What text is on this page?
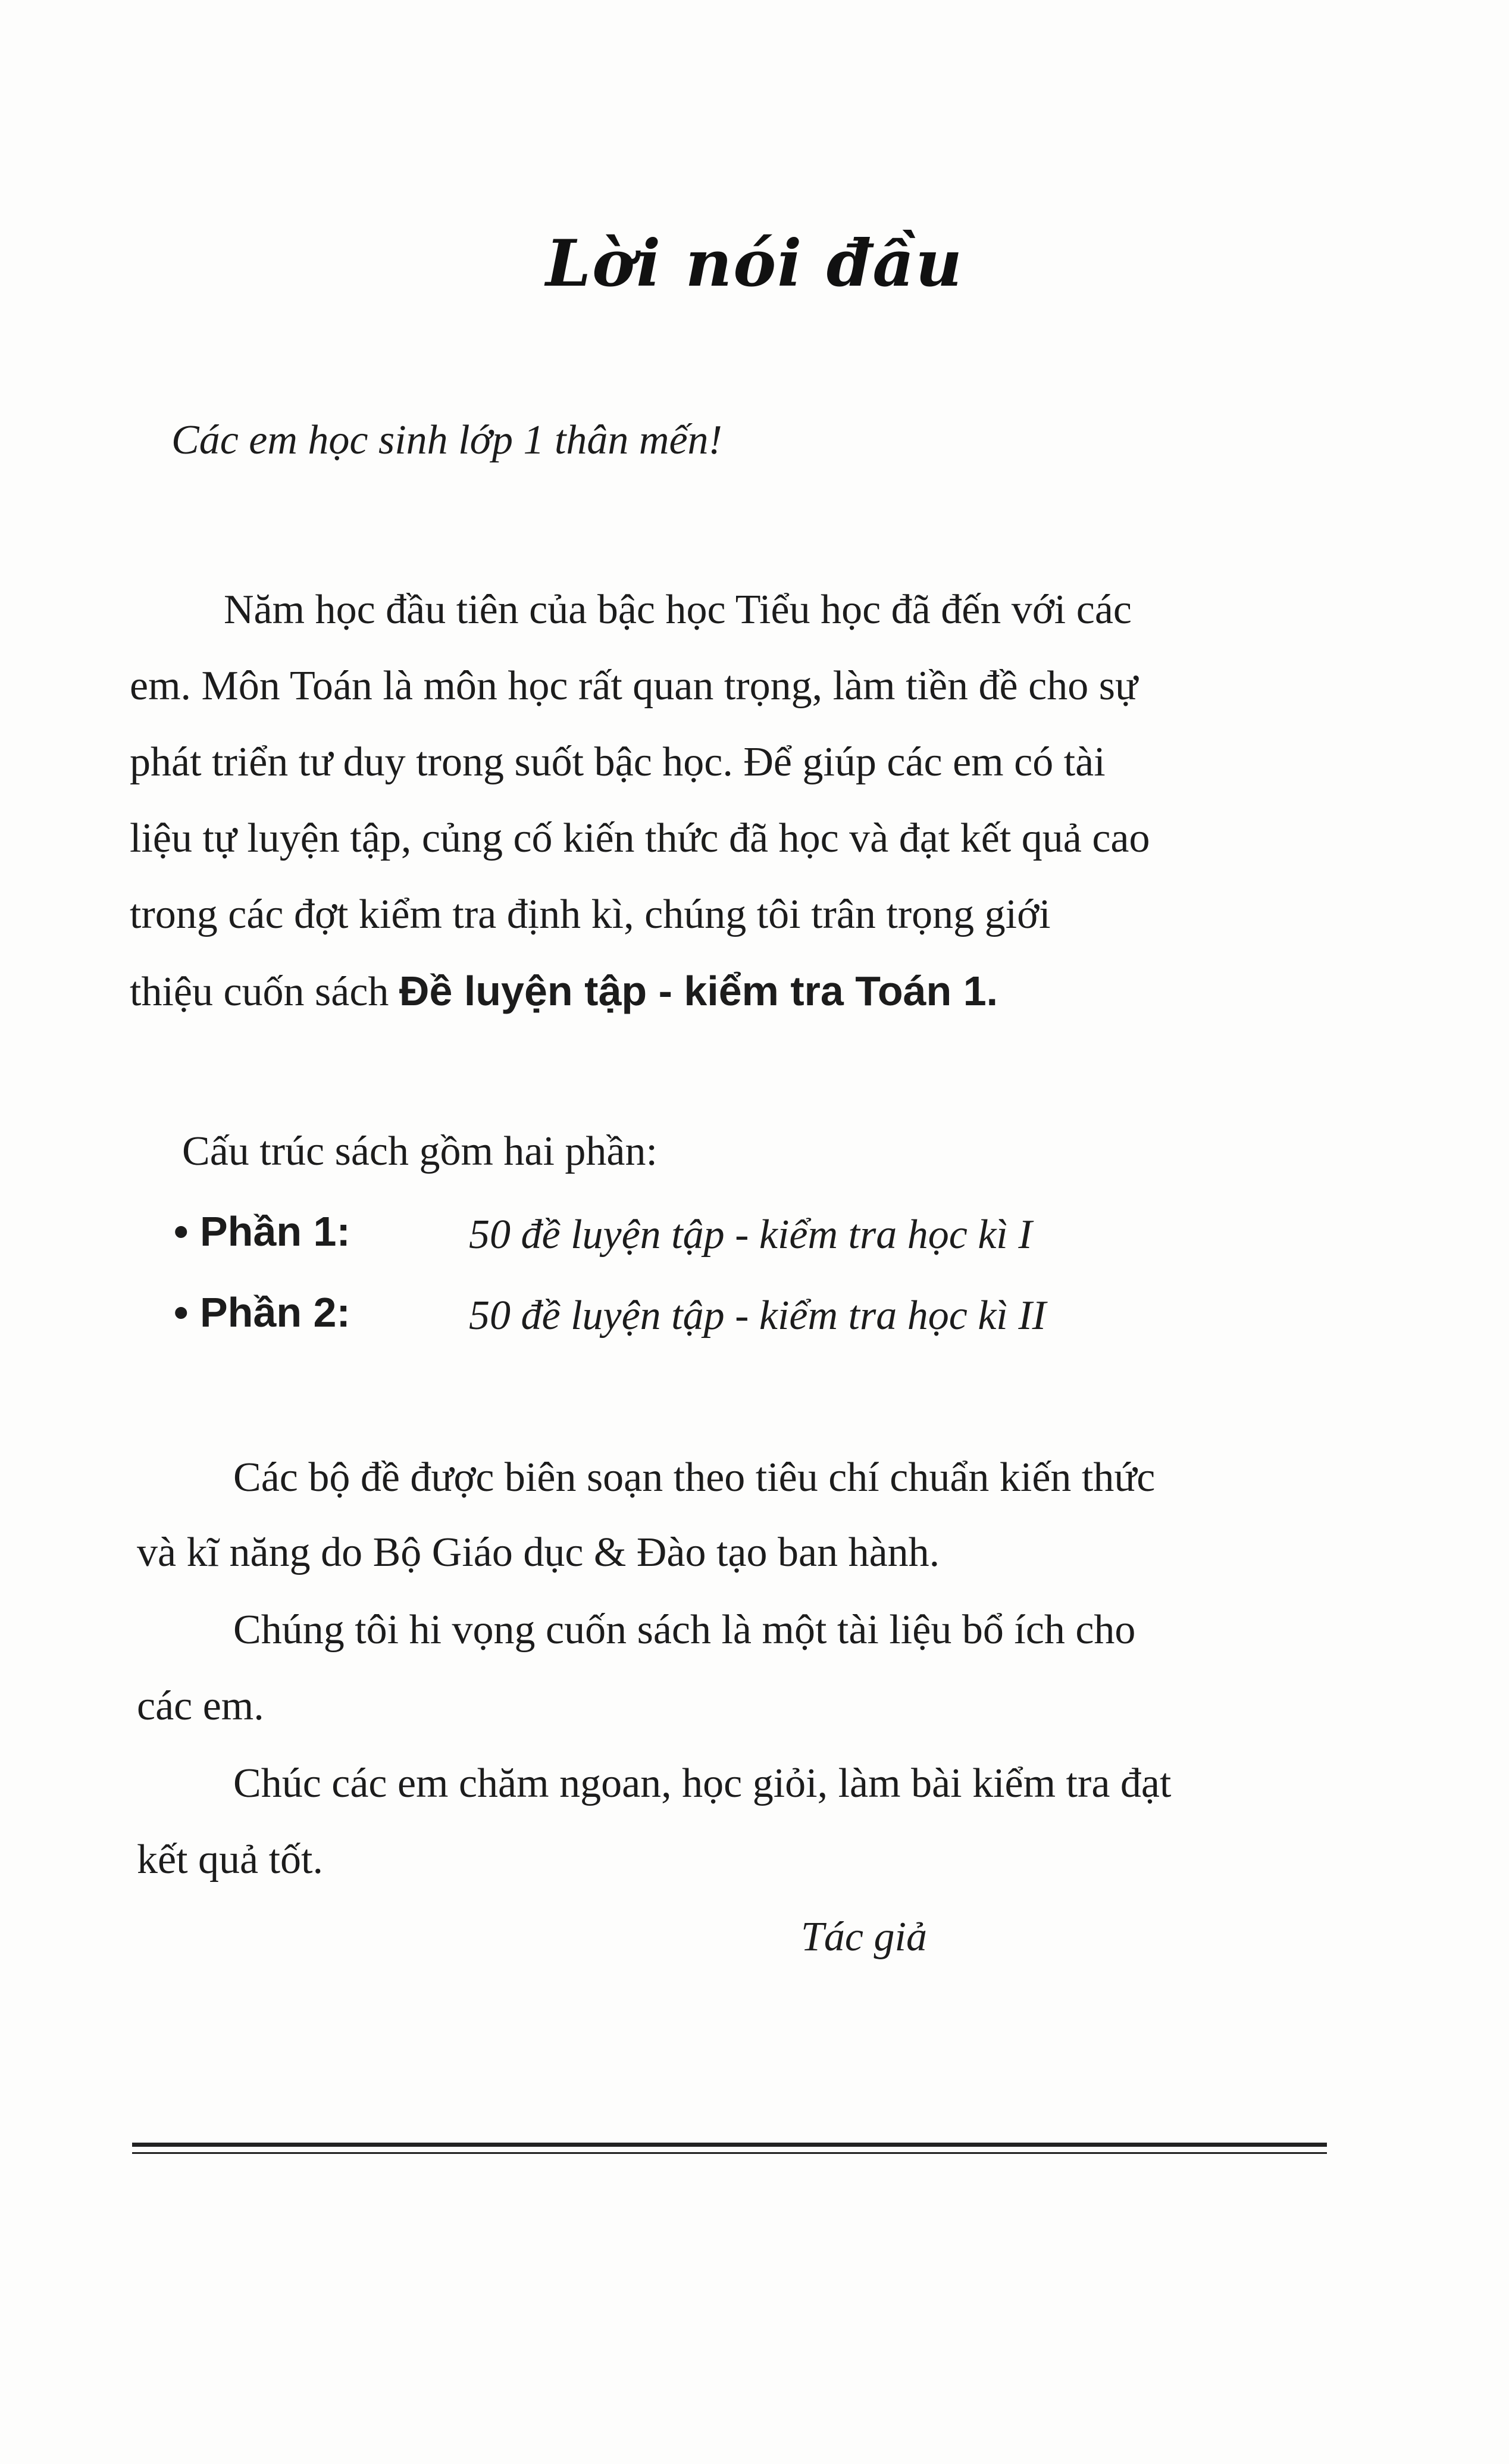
Lời nói đầu
Các em học sinh lớp 1 thân mến!
Năm học đầu tiên của bậc học Tiểu học đã đến với các
em. Môn Toán là môn học rất quan trọng, làm tiền đề cho sự
phát triển tư duy trong suốt bậc học. Để giúp các em có tài
liệu tự luyện tập, củng cố kiến thức đã học và đạt kết quả cao
trong các đợt kiểm tra định kì, chúng tôi trân trọng giới
thiệu cuốn sách Đề luyện tập - kiểm tra Toán 1.
Cấu trúc sách gồm hai phần:
• Phần 1:	50 đề luyện tập - kiểm tra học kì I
• Phần 2:	50 đề luyện tập - kiểm tra học kì II
Các bộ đề được biên soạn theo tiêu chí chuẩn kiến thức
và kĩ năng do Bộ Giáo dục & Đào tạo ban hành.
Chúng tôi hi vọng cuốn sách là một tài liệu bổ ích cho
các em.
Chúc các em chăm ngoan, học giỏi, làm bài kiểm tra đạt
kết quả tốt.
Tác giả
